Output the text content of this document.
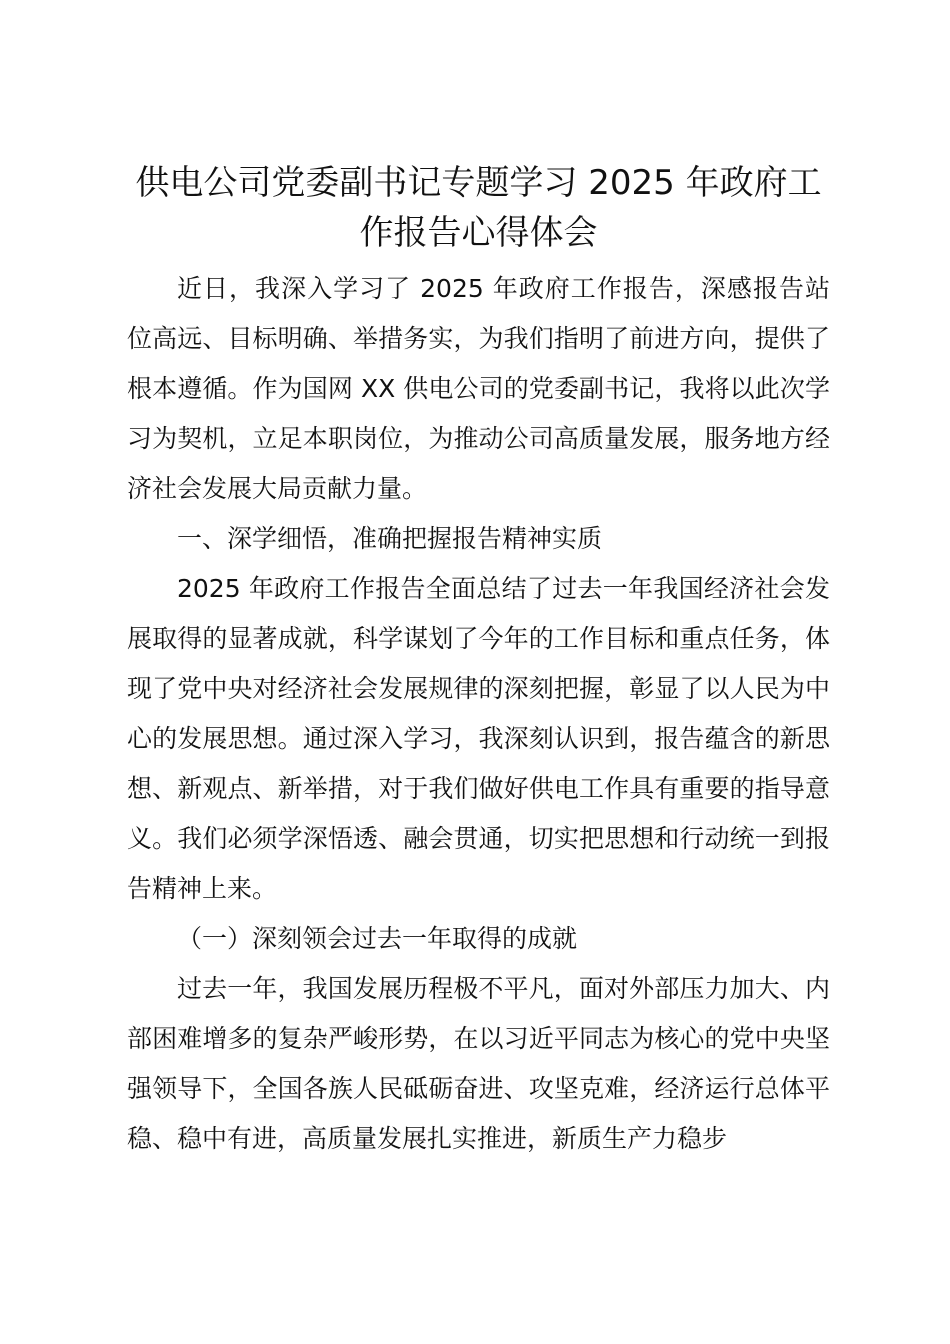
供电公司党委副书记专题学习 2025 年政府工
作报告心得体会

近日，我深入学习了 2025 年政府工作报告，深感报告站位高远、目标明确、举措务实，为我们指明了前进方向，提供了根本遵循。作为国网 XX 供电公司的党委副书记，我将以此次学习为契机，立足本职岗位，为推动公司高质量发展，服务地方经济社会发展大局贡献力量。

一、深学细悟，准确把握报告精神实质

2025 年政府工作报告全面总结了过去一年我国经济社会发展取得的显著成就，科学谋划了今年的工作目标和重点任务，体现了党中央对经济社会发展规律的深刻把握，彰显了以人民为中心的发展思想。通过深入学习，我深刻认识到，报告蕴含的新思想、新观点、新举措，对于我们做好供电工作具有重要的指导意义。我们必须学深悟透、融会贯通，切实把思想和行动统一到报告精神上来。

（一）深刻领会过去一年取得的成就

过去一年，我国发展历程极不平凡，面对外部压力加大、内部困难增多的复杂严峻形势，在以习近平同志为核心的党中央坚强领导下，全国各族人民砥砺奋进、攻坚克难，经济运行总体平稳、稳中有进，高质量发展扎实推进，新质生产力稳步
